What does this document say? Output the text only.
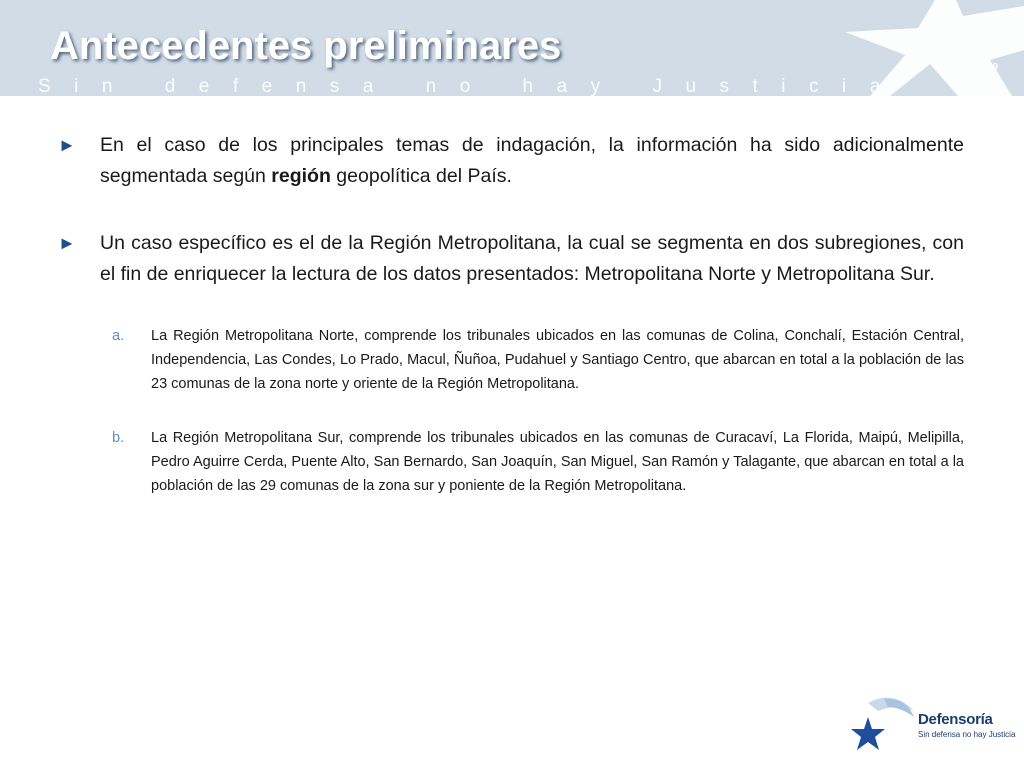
Antecedentes preliminares
Sin defensa no hay Justicia
9
►	En el caso de los principales temas de indagación, la información ha sido adicionalmente segmentada según región geopolítica del País.
►	Un caso específico es el de la Región Metropolitana, la cual se segmenta en dos subregiones, con el fin de enriquecer la lectura de los datos presentados: Metropolitana Norte y Metropolitana Sur.
a.	La Región Metropolitana Norte, comprende los tribunales ubicados en las comunas de Colina, Conchalí, Estación Central, Independencia, Las Condes, Lo Prado, Macul, Ñuñoa, Pudahuel y Santiago Centro, que abarcan en total a la población de las 23 comunas de la zona norte y oriente de la Región Metropolitana.
b.	La Región Metropolitana Sur, comprende los tribunales ubicados en las comunas de Curacaví, La Florida, Maipú, Melipilla, Pedro Aguirre Cerda, Puente Alto, San Bernardo, San Joaquín, San Miguel, San Ramón y Talagante, que abarcan en total a la población de las 29 comunas de la zona sur y poniente de la Región Metropolitana.
Defensoría
Sin defensa no hay Justicia
